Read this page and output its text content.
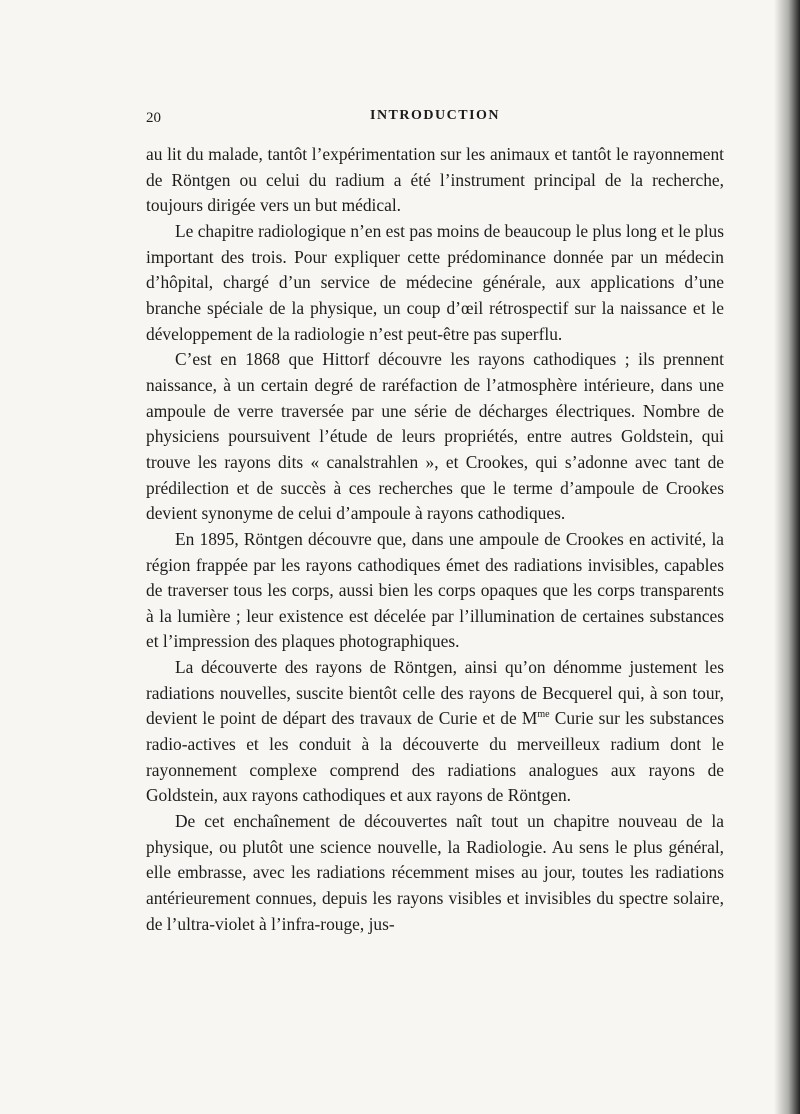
20	INTRODUCTION

au lit du malade, tantôt l’expérimentation sur les animaux et tantôt le rayonnement de Röntgen ou celui du radium a été l’instrument principal de la recherche, toujours dirigée vers un but médical.

Le chapitre radiologique n’en est pas moins de beaucoup le plus long et le plus important des trois. Pour expliquer cette prédominance donnée par un médecin d’hôpital, chargé d’un service de médecine générale, aux applications d’une branche spéciale de la physique, un coup d’œil rétrospectif sur la naissance et le développement de la radiologie n’est peut-être pas superflu.

C’est en 1868 que Hittorf découvre les rayons cathodiques ; ils prennent naissance, à un certain degré de raréfaction de l’atmosphère intérieure, dans une ampoule de verre traversée par une série de décharges électriques. Nombre de physiciens poursuivent l’étude de leurs propriétés, entre autres Goldstein, qui trouve les rayons dits « canalstrahlen », et Crookes, qui s’adonne avec tant de prédilection et de succès à ces recherches que le terme d’ampoule de Crookes devient synonyme de celui d’ampoule à rayons cathodiques.

En 1895, Röntgen découvre que, dans une ampoule de Crookes en activité, la région frappée par les rayons cathodiques émet des radiations invisibles, capables de traverser tous les corps, aussi bien les corps opaques que les corps transparents à la lumière ; leur existence est décelée par l’illumination de certaines substances et l’impression des plaques photographiques.

La découverte des rayons de Röntgen, ainsi qu’on dénomme justement les radiations nouvelles, suscite bientôt celle des rayons de Becquerel qui, à son tour, devient le point de départ des travaux de Curie et de $M^{me}$ Curie sur les substances radio-actives et les conduit à la découverte du merveilleux radium dont le rayonnement complexe comprend des radiations analogues aux rayons de Goldstein, aux rayons cathodiques et aux rayons de Röntgen.

De cet enchaînement de découvertes naît tout un chapitre nouveau de la physique, ou plutôt une science nouvelle, la Radiologie. Au sens le plus général, elle embrasse, avec les radiations récemment mises au jour, toutes les radiations antérieurement connues, depuis les rayons visibles et invisibles du spectre solaire, de l’ultra-violet à l’infra-rouge, jus-
